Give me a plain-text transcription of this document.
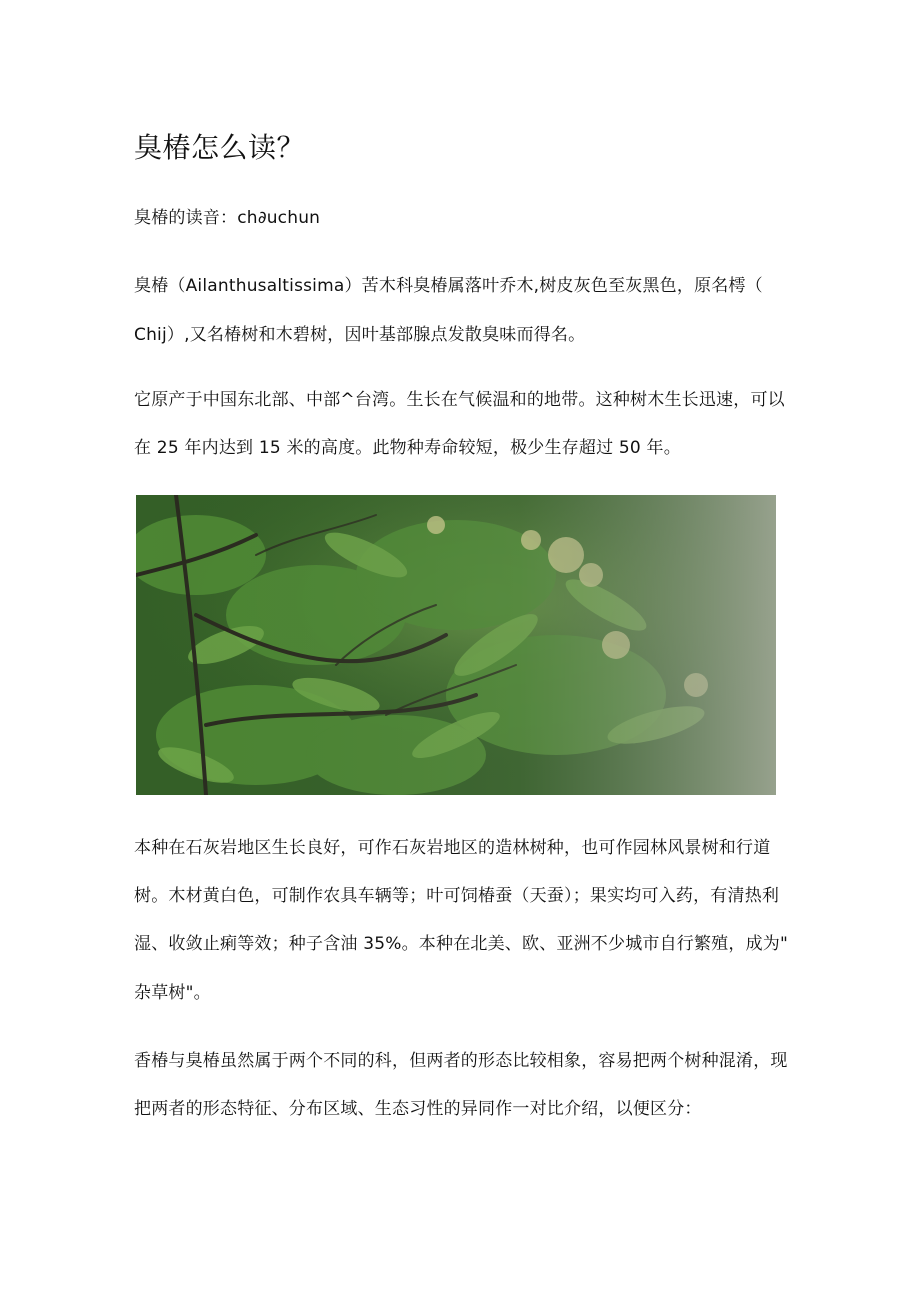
臭椿怎么读？

臭椿的读音：ch∂uchun

臭椿（Ailanthusaltissima）苦木科臭椿属落叶乔木,树皮灰色至灰黑色，原名樗（

Chij）,又名椿树和木碧树，因叶基部腺点发散臭味而得名。

它原产于中国东北部、中部^台湾。生长在气候温和的地带。这种树木生长迅速，可以

在 25 年内达到 15 米的高度。此物种寿命较短，极少生存超过 50 年。

本种在石灰岩地区生长良好，可作石灰岩地区的造林树种，也可作园林风景树和行道

树。木材黄白色，可制作农具车辆等；叶可饲椿蚕（天蚕）；果实均可入药，有清热利

湿、收敛止痢等效；种子含油 35%。本种在北美、欧、亚洲不少城市自行繁殖，成为"

杂草树"。

香椿与臭椿虽然属于两个不同的科，但两者的形态比较相象，容易把两个树种混淆，现

把两者的形态特征、分布区域、生态习性的异同作一对比介绍，以便区分：
